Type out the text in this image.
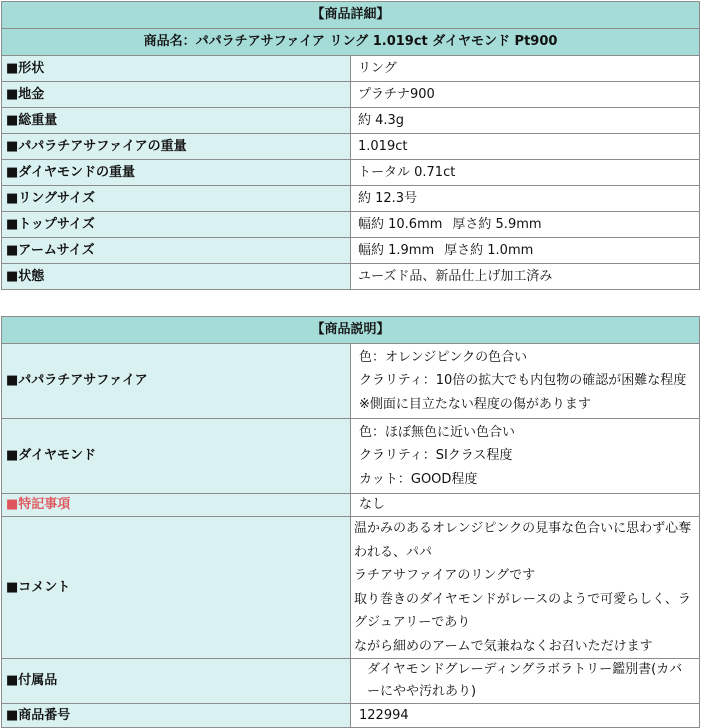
【商品詳細】	
商品名：パパラチアサファイア リング 1.019ct ダイヤモンド Pt900	
■形状	リング
■地金	プラチナ900
■総重量	約 4.3g
■パパラチアサファイアの重量	1.019ct
■ダイヤモンドの重量	トータル 0.71ct
■リングサイズ	約 12.3号
■トップサイズ	幅約 10.6mm 厚さ約 5.9mm
■アームサイズ	幅約 1.9mm 厚さ約 1.0mm
■状態	ユーズド品、新品仕上げ加工済み
【商品説明】	
■パパラチアサファイア	色：オレンジピンクの色合い
クラリティ：10倍の拡大でも内包物の確認が困難な程度
※側面に目立たない程度の傷があります

■ダイヤモンド	色：ほぼ無色に近い色合い
クラリティ：SIクラス程度
カット：GOOD程度

■特記事項	なし
■コメント	温かみのあるオレンジピンクの見事な色合いに思わず心奪われる、パパ
ラチアサファイアのリングです
取り巻きのダイヤモンドがレースのようで可愛らしく、ラグジュアリーであり
ながら細めのアームで気兼ねなくお召いただけます

■付属品	ダイヤモンドグレーディングラボラトリー鑑別書(カバーにやや汚れあり)
■商品番号	122994
